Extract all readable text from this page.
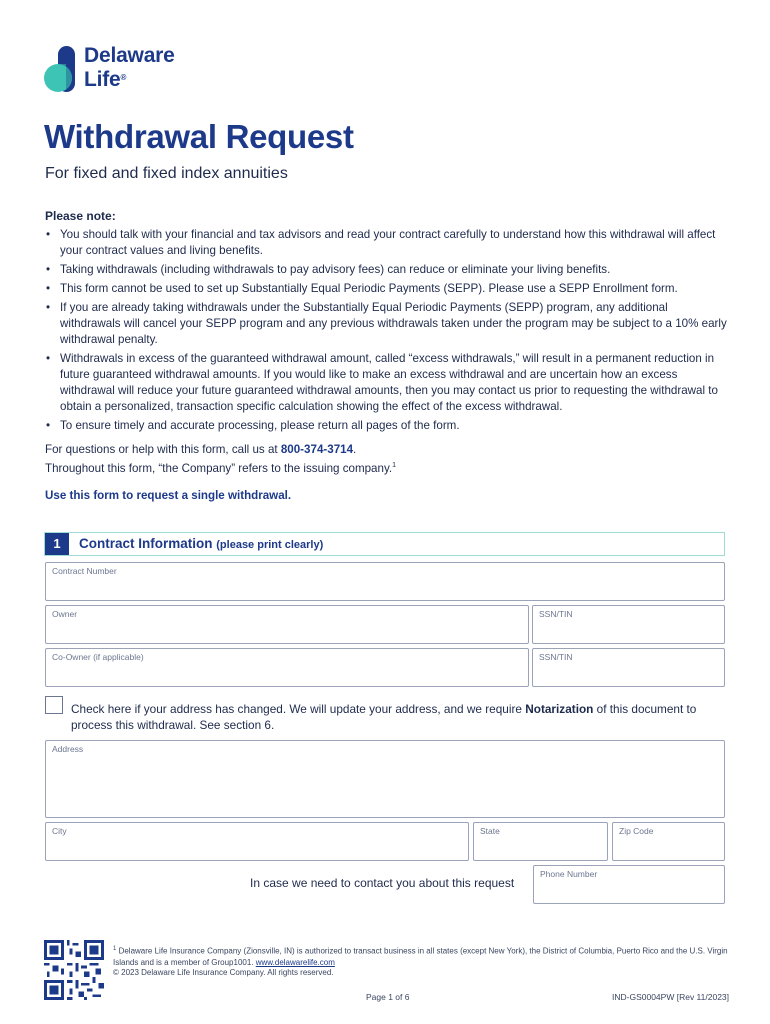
Delaware
Life®
Withdrawal Request
For fixed and fixed index annuities
Please note:
• You should talk with your financial and tax advisors and read your contract carefully to understand how this withdrawal will affect your contract values and living benefits.
• Taking withdrawals (including withdrawals to pay advisory fees) can reduce or eliminate your living benefits.
• This form cannot be used to set up Substantially Equal Periodic Payments (SEPP). Please use a SEPP Enrollment form.
• If you are already taking withdrawals under the Substantially Equal Periodic Payments (SEPP) program, any additional withdrawals will cancel your SEPP program and any previous withdrawals taken under the program may be subject to a 10% early withdrawal penalty.
• Withdrawals in excess of the guaranteed withdrawal amount, called “excess withdrawals,” will result in a permanent reduction in future guaranteed withdrawal amounts. If you would like to make an excess withdrawal and are uncertain how an excess withdrawal will reduce your future guaranteed withdrawal amounts, then you may contact us prior to requesting the withdrawal to obtain a personalized, transaction specific calculation showing the effect of the excess withdrawal.
• To ensure timely and accurate processing, please return all pages of the form.
For questions or help with this form, call us at 800-374-3714.
Throughout this form, “the Company” refers to the issuing company.$^1$
Use this form to request a single withdrawal.
1	Contract Information (please print clearly)
Contract Number
Owner	SSN/TIN
Co-Owner (if applicable)	SSN/TIN
Check here if your address has changed. We will update your address, and we require Notarization of this document to process this withdrawal. See section 6.
Address
City	State	Zip Code
In case we need to contact you about this request
Phone Number
$^1$ Delaware Life Insurance Company (Zionsville, IN) is authorized to transact business in all states (except New York), the District of Columbia, Puerto Rico and the U.S. Virgin Islands and is a member of Group1001. www.delawarelife.com
© 2023 Delaware Life Insurance Company. All rights reserved.
Page 1 of 6	IND-GS0004PW [Rev 11/2023]
